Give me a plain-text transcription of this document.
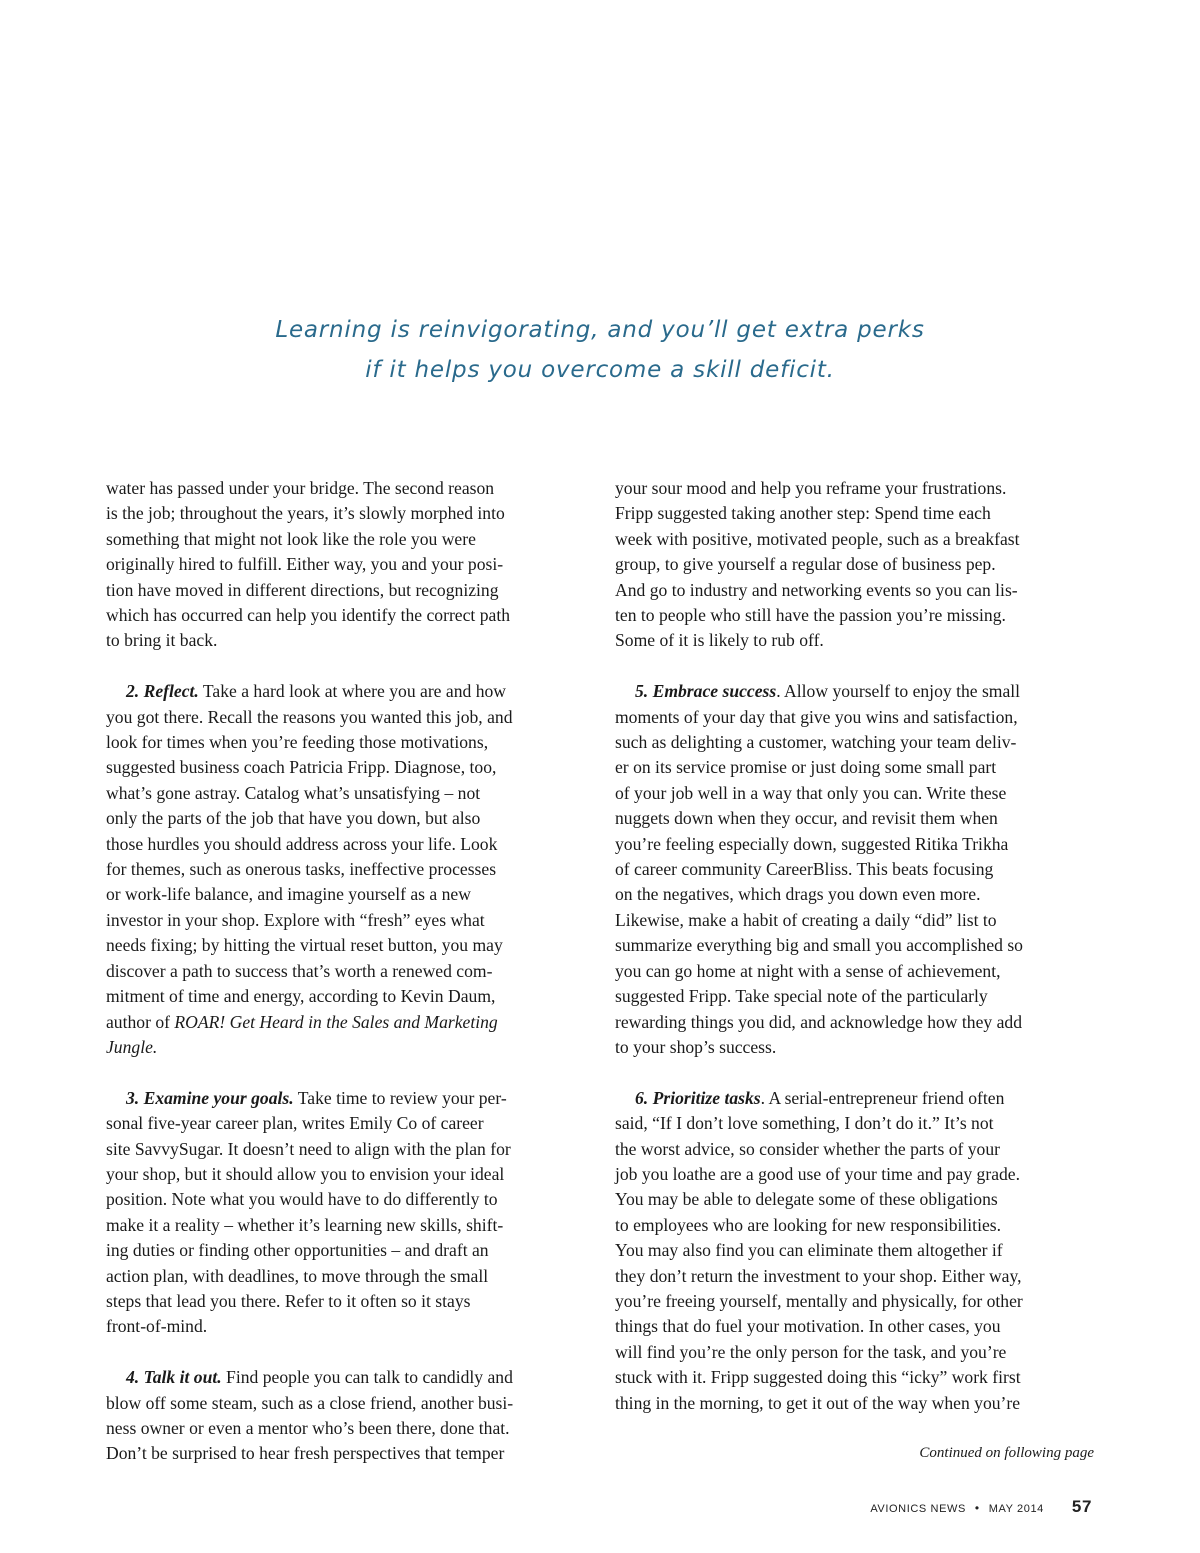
Learning is reinvigorating, and you’ll get extra perks
if it helps you overcome a skill deficit.

water has passed under your bridge. The second reason
is the job; throughout the years, it’s slowly morphed into
something that might not look like the role you were
originally hired to fulfill. Either way, you and your posi-
tion have moved in different directions, but recognizing
which has occurred can help you identify the correct path
to bring it back.

2. Reflect. Take a hard look at where you are and how
you got there. Recall the reasons you wanted this job, and
look for times when you’re feeding those motivations,
suggested business coach Patricia Fripp. Diagnose, too,
what’s gone astray. Catalog what’s unsatisfying – not
only the parts of the job that have you down, but also
those hurdles you should address across your life. Look
for themes, such as onerous tasks, ineffective processes
or work-life balance, and imagine yourself as a new
investor in your shop. Explore with “fresh” eyes what
needs fixing; by hitting the virtual reset button, you may
discover a path to success that’s worth a renewed com-
mitment of time and energy, according to Kevin Daum,
author of ROAR! Get Heard in the Sales and Marketing
Jungle.

3. Examine your goals. Take time to review your per-
sonal five-year career plan, writes Emily Co of career
site SavvySugar. It doesn’t need to align with the plan for
your shop, but it should allow you to envision your ideal
position. Note what you would have to do differently to
make it a reality – whether it’s learning new skills, shift-
ing duties or finding other opportunities – and draft an
action plan, with deadlines, to move through the small
steps that lead you there. Refer to it often so it stays
front-of-mind.

4. Talk it out. Find people you can talk to candidly and
blow off some steam, such as a close friend, another busi-
ness owner or even a mentor who’s been there, done that.
Don’t be surprised to hear fresh perspectives that temper

your sour mood and help you reframe your frustrations.
Fripp suggested taking another step: Spend time each
week with positive, motivated people, such as a breakfast
group, to give yourself a regular dose of business pep.
And go to industry and networking events so you can lis-
ten to people who still have the passion you’re missing.
Some of it is likely to rub off.

5. Embrace success. Allow yourself to enjoy the small
moments of your day that give you wins and satisfaction,
such as delighting a customer, watching your team deliv-
er on its service promise or just doing some small part
of your job well in a way that only you can. Write these
nuggets down when they occur, and revisit them when
you’re feeling especially down, suggested Ritika Trikha
of career community CareerBliss. This beats focusing
on the negatives, which drags you down even more.
Likewise, make a habit of creating a daily “did” list to
summarize everything big and small you accomplished so
you can go home at night with a sense of achievement,
suggested Fripp. Take special note of the particularly
rewarding things you did, and acknowledge how they add
to your shop’s success.

6. Prioritize tasks. A serial-entrepreneur friend often
said, “If I don’t love something, I don’t do it.” It’s not
the worst advice, so consider whether the parts of your
job you loathe are a good use of your time and pay grade.
You may be able to delegate some of these obligations
to employees who are looking for new responsibilities.
You may also find you can eliminate them altogether if
they don’t return the investment to your shop. Either way,
you’re freeing yourself, mentally and physically, for other
things that do fuel your motivation. In other cases, you
will find you’re the only person for the task, and you’re
stuck with it. Fripp suggested doing this “icky” work first
thing in the morning, to get it out of the way when you’re

Continued on following page
AVIONICS NEWS • MAY 2014 57
